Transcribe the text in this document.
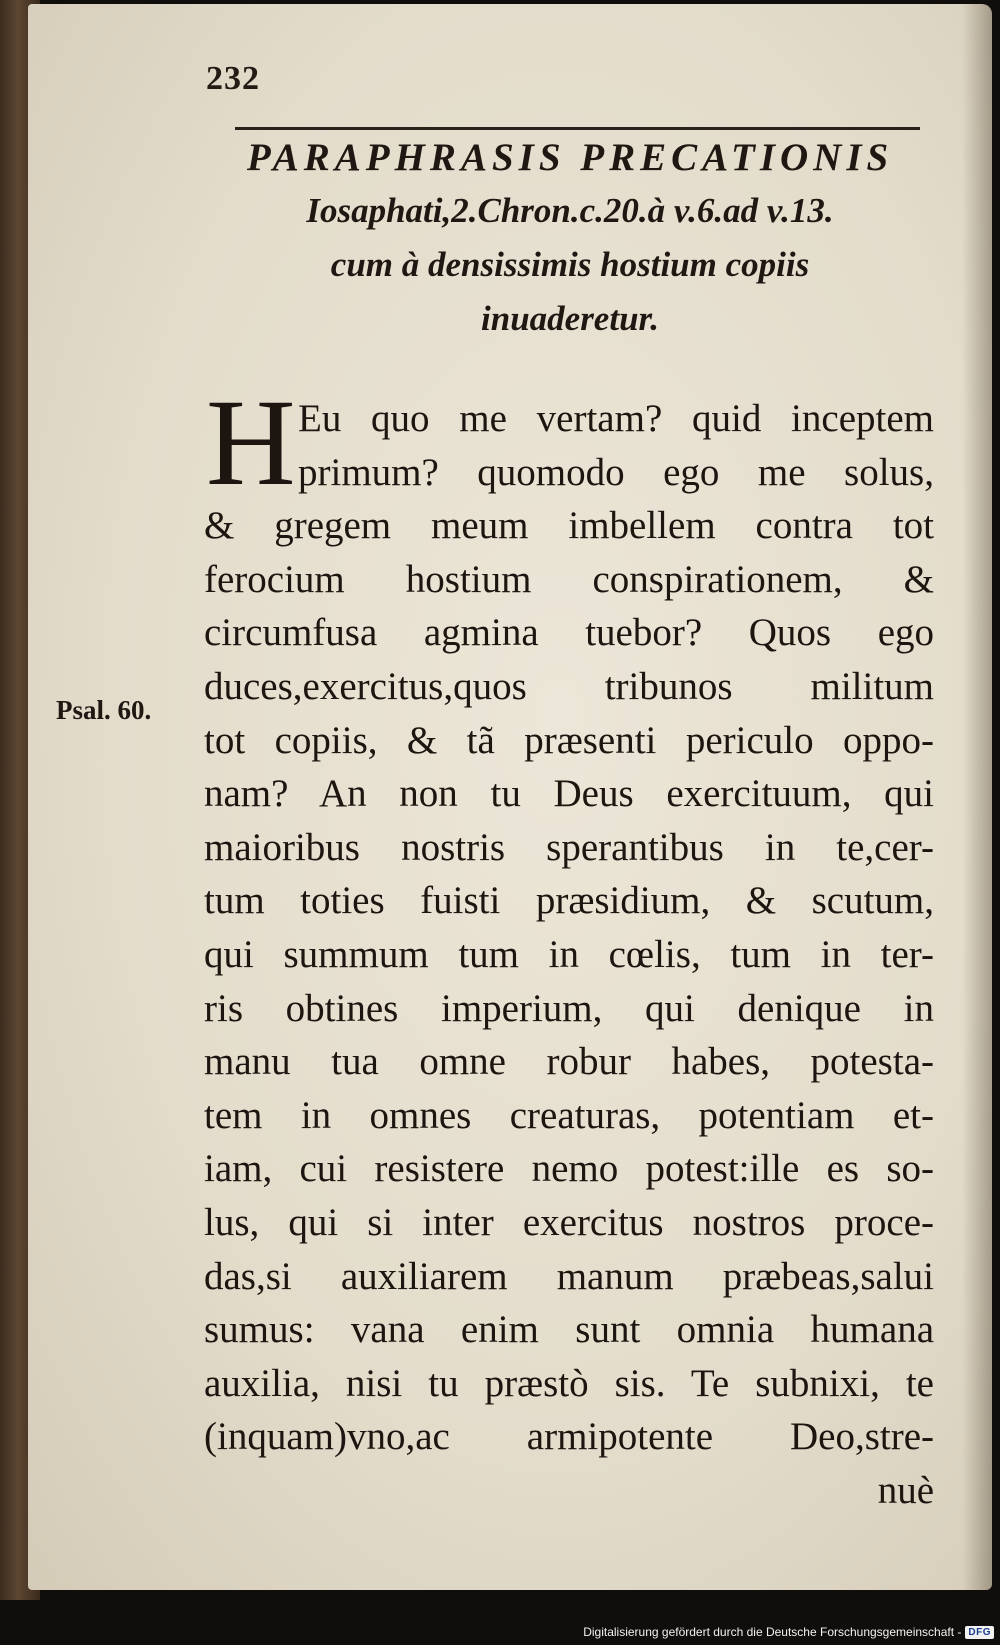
232
PARAPHRASIS PRECATIONIS
Iosaphati,2.Chron.c.20.à v.6.ad v.13.
cum à densissimis hostium copiis
inuaderetur.
Psal. 60.
H Eu quo me vertam? quid inceptem
primum? quomodo ego me solus,
& gregem meum imbellem contra tot
ferocium hostium conspirationem, &
circumfusa agmina tuebor? Quos ego
duces,exercitus,quos tribunos militum
tot copiis, & tã præsenti periculo oppo-
nam? An non tu Deus exercituum, qui
maioribus nostris sperantibus in te,cer-
tum toties fuisti præsidium, & scutum,
qui summum tum in cœlis, tum in ter-
ris obtines imperium, qui denique in
manu tua omne robur habes, potesta-
tem in omnes creaturas, potentiam et-
iam, cui resistere nemo potest:ille es so-
lus, qui si inter exercitus nostros proce-
das,si auxiliarem manum præbeas,salui
sumus: vana enim sunt omnia humana
auxilia, nisi tu præstò sis. Te subnixi, te
(inquam)vno,ac armipotente Deo,stre-
nuè
Digitalisierung gefördert durch die Deutsche Forschungsgemeinschaft - DFG
